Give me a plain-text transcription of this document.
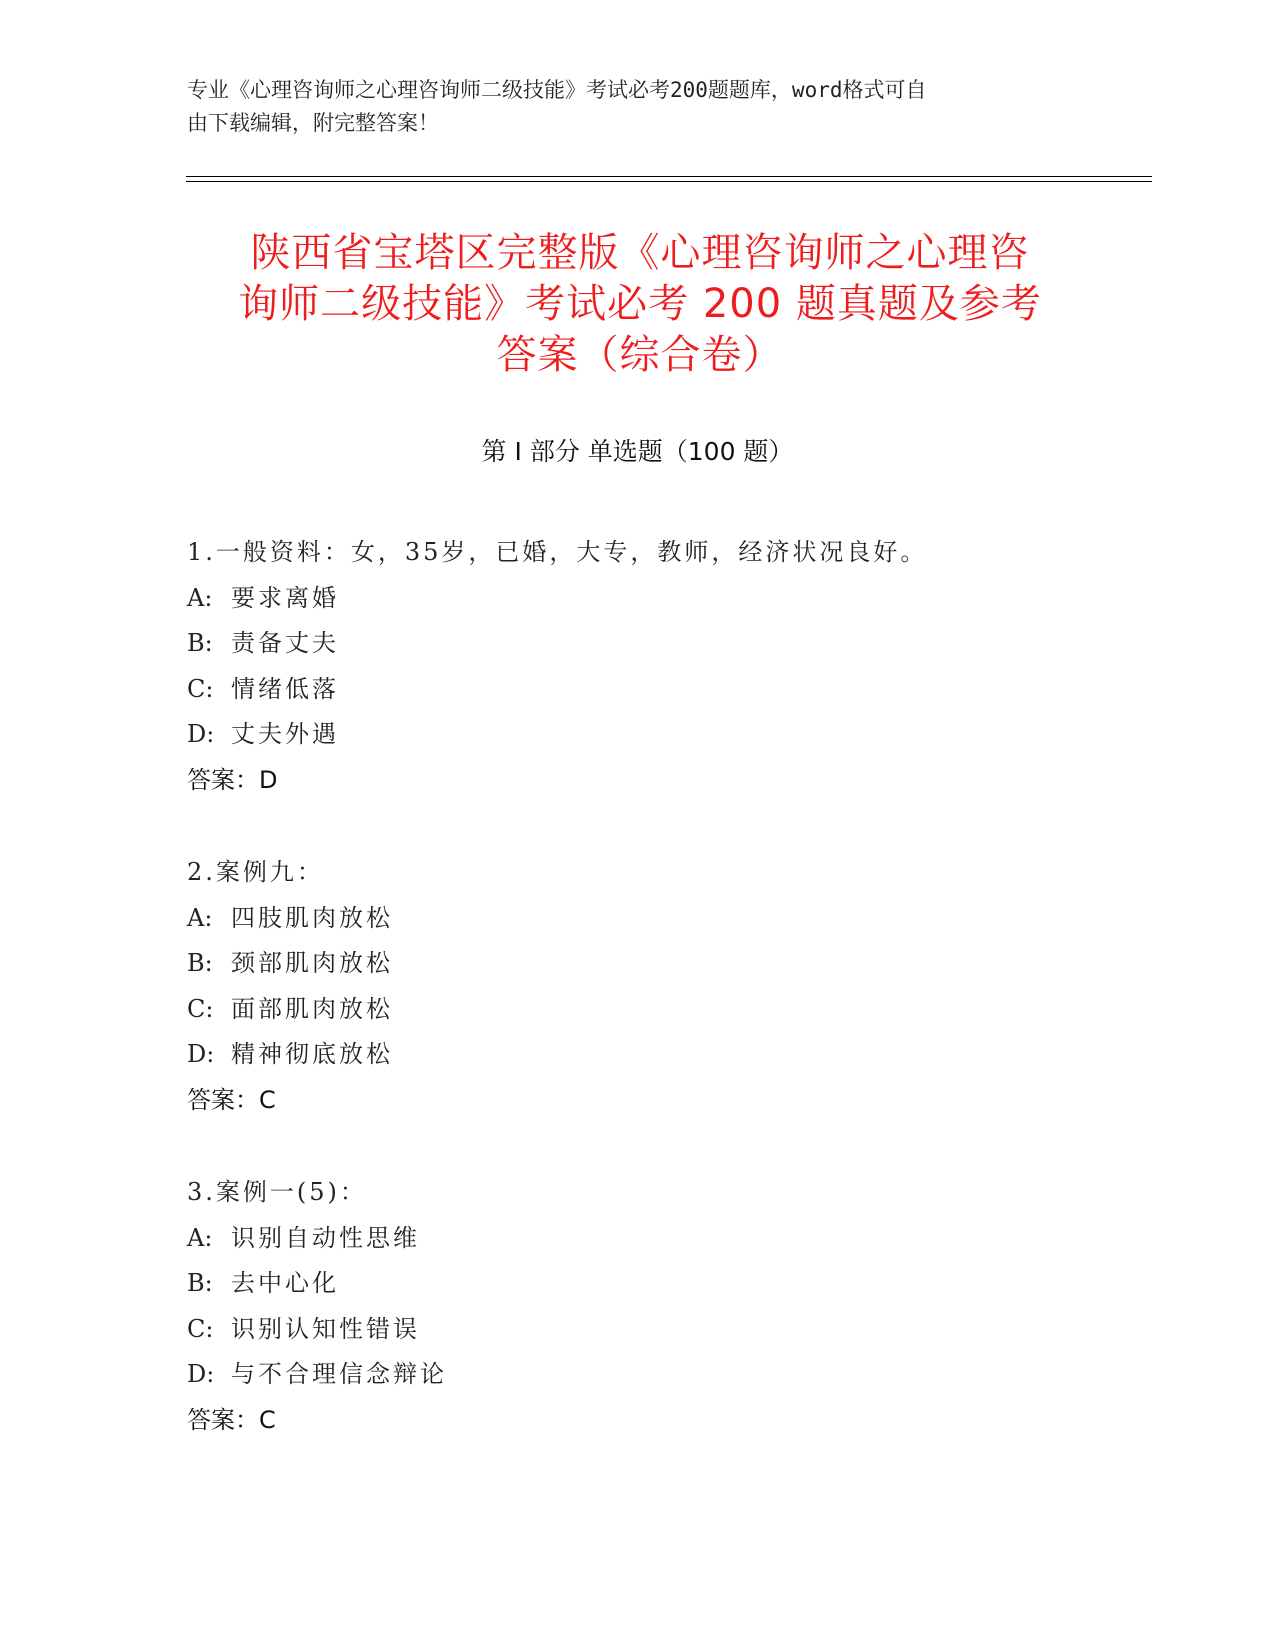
专业《心理咨询师之心理咨询师二级技能》考试必考200题题库，word格式可自
由下载编辑，附完整答案！
陕西省宝塔区完整版《心理咨询师之心理咨
询师二级技能》考试必考 200 题真题及参考
答案（综合卷）
第 I 部分 单选题（100 题）
1.一般资料：女，35岁，已婚，大专，教师，经济状况良好。
A: 要求离婚
B: 责备丈夫
C: 情绪低落
D: 丈夫外遇
答案：D
2.案例九：
A: 四肢肌肉放松
B: 颈部肌肉放松
C: 面部肌肉放松
D: 精神彻底放松
答案：C
3.案例一(5)：
A: 识别自动性思维
B: 去中心化
C: 识别认知性错误
D: 与不合理信念辩论
答案：C
